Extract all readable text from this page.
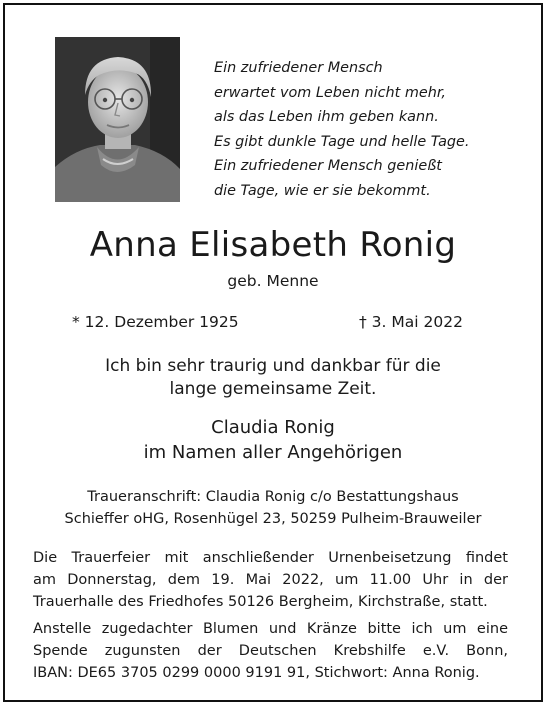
Ein zufriedener Mensch
erwartet vom Leben nicht mehr,
als das Leben ihm geben kann.
Es gibt dunkle Tage und helle Tage.
Ein zufriedener Mensch genießt
die Tage, wie er sie bekommt.
Anna Elisabeth Ronig
geb. Menne
* 12. Dezember 1925	† 3. Mai 2022
Ich bin sehr traurig und dankbar für die
lange gemeinsame Zeit.
Claudia Ronig
im Namen aller Angehörigen
Traueranschrift: Claudia Ronig c/o Bestattungshaus
Schieffer oHG, Rosenhügel 23, 50259 Pulheim-Brauweiler
Die Trauerfeier mit anschließender Urnenbeisetzung findet
am Donnerstag, dem 19. Mai 2022, um 11.00 Uhr in der
Trauerhalle des Friedhofes 50126 Bergheim, Kirchstraße, statt.
Anstelle zugedachter Blumen und Kränze bitte ich um eine
Spende zugunsten der Deutschen Krebshilfe e.V. Bonn,
IBAN: DE65 3705 0299 0000 9191 91, Stichwort: Anna Ronig.
